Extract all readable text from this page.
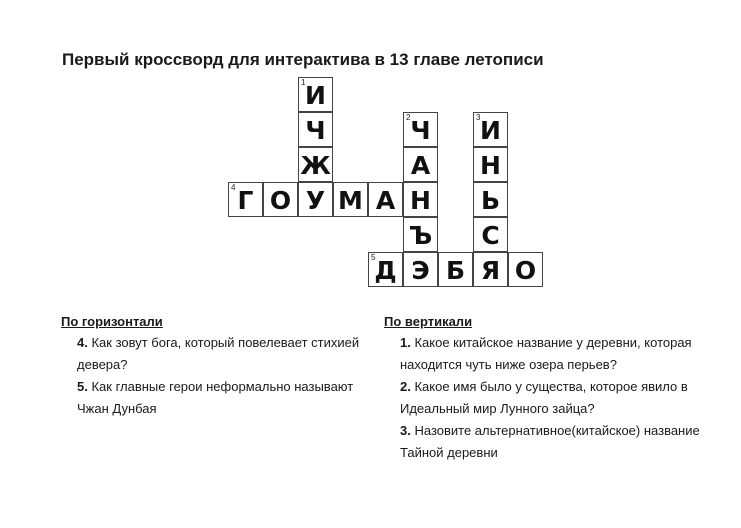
Первый кроссворд для интерактива в 13 главе летописи
1 И
Ч	2 Ч	3 И
Ж	А Н
4 Г О У М А Н Ь
Ъ С
5
Д Э Б Я О
По горизонтали

4. Как зовут бога, который повелевает стихией девера?

5. Как главные герои неформально называют Чжан Дунбая

По вертикали

1. Какое китайское название у деревни, которая находится чуть ниже озера перьев?

2. Какое имя было у существа, которое явило в Идеальный мир Лунного зайца?

3. Назовите альтернативное(китайское) название Тайной деревни
